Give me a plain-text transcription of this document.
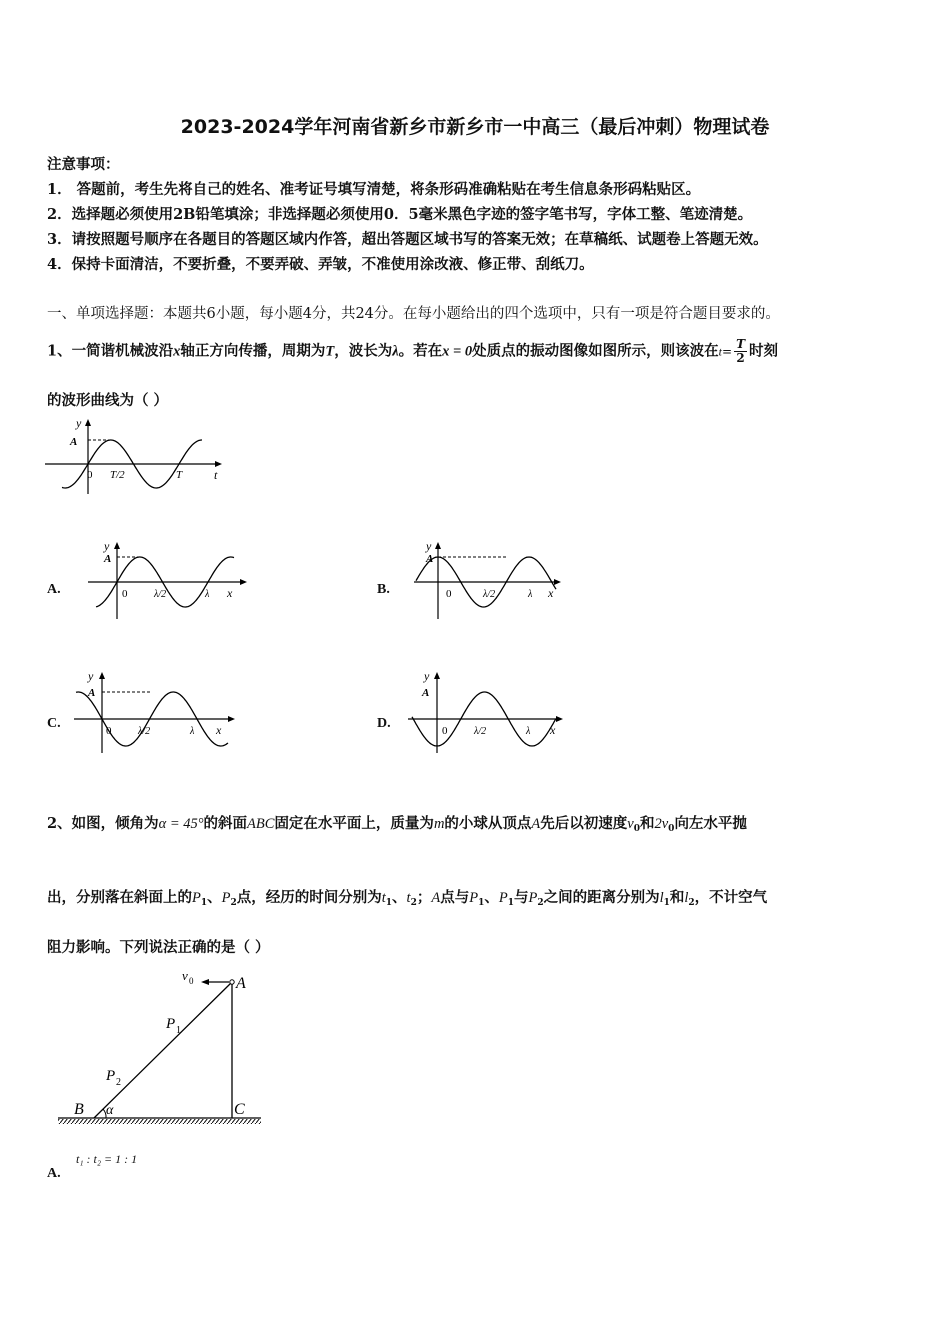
2023-2024学年河南省新乡市新乡市一中高三（最后冲刺）物理试卷
注意事项：
1． 答题前，考生先将自己的姓名、准考证号填写清楚，将条形码准确粘贴在考生信息条形码粘贴区。
2．选择题必须使用2B铅笔填涂；非选择题必须使用0．5毫米黑色字迹的签字笔书写，字体工整、笔迹清楚。
3．请按照题号顺序在各题目的答题区域内作答，超出答题区域书写的答案无效；在草稿纸、试题卷上答题无效。
4．保持卡面清洁，不要折叠，不要弄破、弄皱，不准使用涂改液、修正带、刮纸刀。
一、单项选择题：本题共6小题，每小题4分，共24分。在每小题给出的四个选项中，只有一项是符合题目要求的。
1、一简谐机械波沿x轴正方向传播，周期为T，波长为λ。若在x = 0处质点的振动图像如图所示，则该波在$t= \frac{T}{2}$ 时刻
的波形曲线为（ ）
y
A
0 T/2	T	t
A.
y
A
0	λ/2	λ x	B.
y
A
0	λ/2	λ x
C.
y
A
0	λ/2	λ x	D.
y
A
0	λ/2	λ x
2、如图，倾角为α = 45°的斜面ABC固定在水平面上，质量为m的小球从顶点A先后以初速度$v_0$和$2v_0$向左水平抛
出，分别落在斜面上的$P_1$、$P_2$点，经历的时间分别为$t_1$、$t_2$；A点与$P_1$、$P_1$与$P_2$之间的距离分别为$l_1$和$l_2$，不计空气
阻力影响。下列说法正确的是（ ）
v 0	A
P 1
P 2
B α	C
A.
t₁ : t₂ = 1 : 1
